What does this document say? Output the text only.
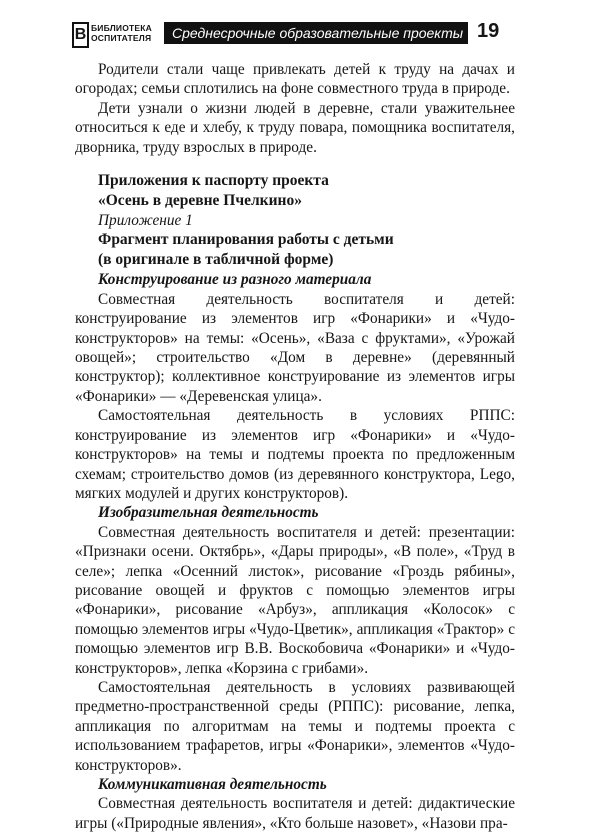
В БИБЛИОТЕКА
ОСПИТАТЕЛЯ	Среднесрочные образовательные проекты 19

Родители стали чаще привлекать детей к труду на дачах и огородах; семьи сплотились на фоне совместного труда в природе.

Дети узнали о жизни людей в деревне, стали уважительнее относиться к еде и хлебу, к труду повара, помощника воспитателя, дворника, труду взрослых в природе.

Приложения к паспорту проекта

«Осень в деревне Пчелкино»

Приложение 1

Фрагмент планирования работы с детьми

(в оригинале в табличной форме)

Конструирование из разного материала

Совместная деятельность воспитателя и детей: конструирование из элементов игр «Фонарики» и «Чудо-конструкторов» на темы: «Осень», «Ваза с фруктами», «Урожай овощей»; строительство «Дом в деревне» (деревянный конструктор); коллективное конструирование из элементов игры «Фонарики» — «Деревенская улица».

Самостоятельная деятельность в условиях РППС: конструирование из элементов игр «Фонарики» и «Чудо-конструкторов» на темы и подтемы проекта по предложенным схемам; строительство домов (из деревянного конструктора, Lego, мягких модулей и других конструкторов).

Изобразительная деятельность

Совместная деятельность воспитателя и детей: презентации: «Признаки осени. Октябрь», «Дары природы», «В поле», «Труд в селе»; лепка «Осенний листок», рисование «Гроздь рябины», рисование овощей и фруктов с помощью элементов игры «Фонарики», рисование «Арбуз», аппликация «Колосок» с помощью элементов игры «Чудо-Цветик», аппликация «Трактор» с помощью элементов игр В.В. Воскобовича «Фонарики» и «Чудо-конструкторов», лепка «Корзина с грибами».

Самостоятельная деятельность в условиях развивающей предметно-пространственной среды (РППС): рисование, лепка, аппликация по алгоритмам на темы и подтемы проекта с использованием трафаретов, игры «Фонарики», элементов «Чудо-конструкторов».

Коммуникативная деятельность

Совместная деятельность воспитателя и детей: дидактические игры («Природные явления», «Кто больше назовет», «Назови пра-
